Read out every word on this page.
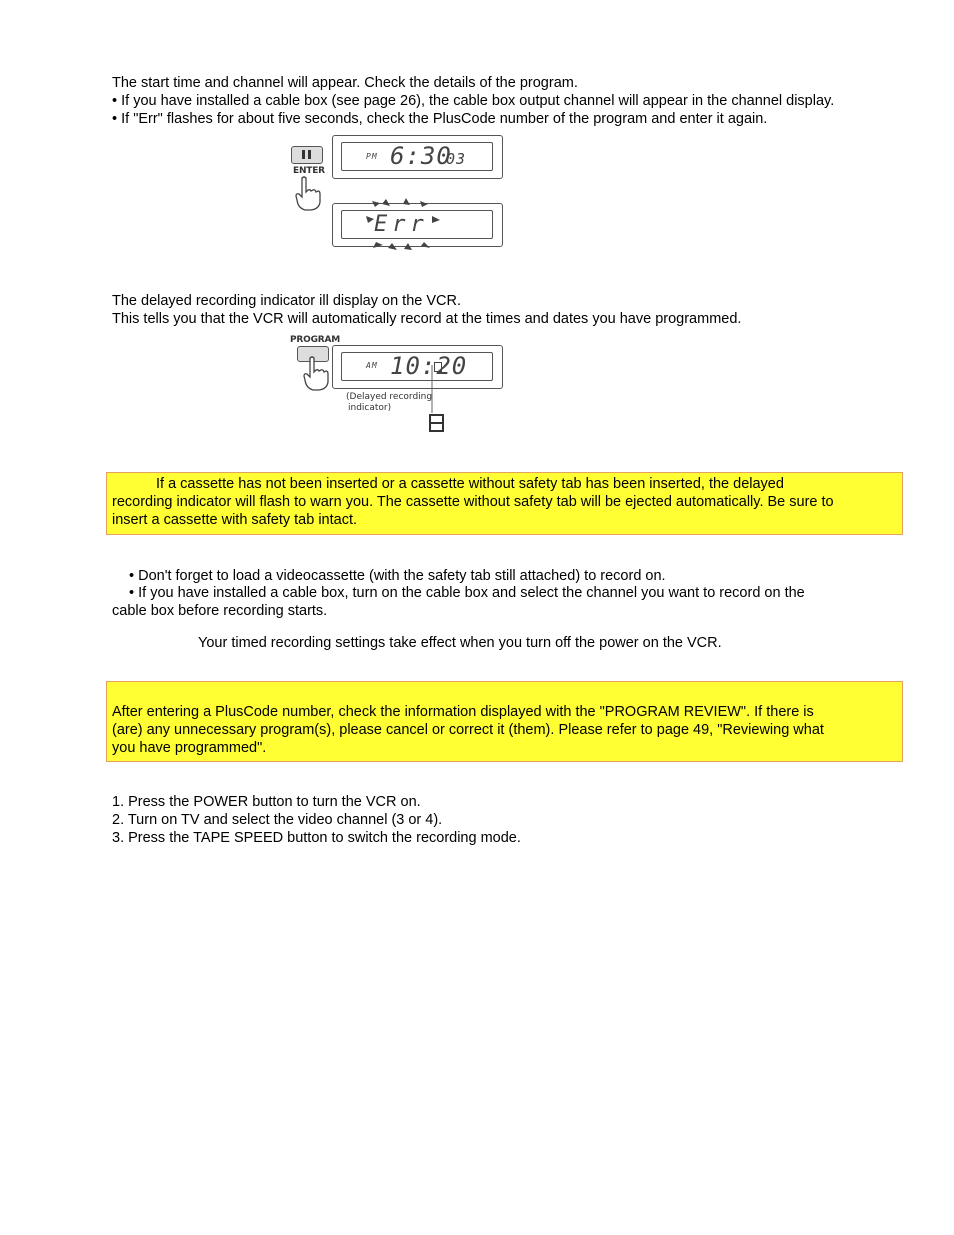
The start time and channel will appear. Check the details of the program.
• If you have installed a cable box (see page 26), the cable box output channel will appear in the channel display.
• If "Err" flashes for about five seconds, check the PlusCode number of the program and enter it again.
ENTER
PM 6:30
03
Err
The delayed recording indicator ill display on the VCR.
This tells you that the VCR will automatically record at the times and dates you have programmed.
PROGRAM
AM 10:20
(Delayed recording
indicator)

If a cassette has not been inserted or a cassette without safety tab has been inserted, the delayed

recording indicator will flash to warn you. The cassette without safety tab will be ejected automatically. Be sure to

insert a cassette with safety tab intact.

• Don't forget to load a videocassette (with the safety tab still attached) to record on.
• If you have installed a cable box, turn on the cable box and select the channel you want to record on the
cable box before recording starts.
Your timed recording settings take effect when you turn off the power on the VCR.

After entering a PlusCode number, check the information displayed with the "PROGRAM REVIEW". If there is

(are) any unnecessary program(s), please cancel or correct it (them). Please refer to page 49, "Reviewing what

you have programmed".

1. Press the POWER button to turn the VCR on.
2. Turn on TV and select the video channel (3 or 4).
3. Press the TAPE SPEED button to switch the recording mode.
